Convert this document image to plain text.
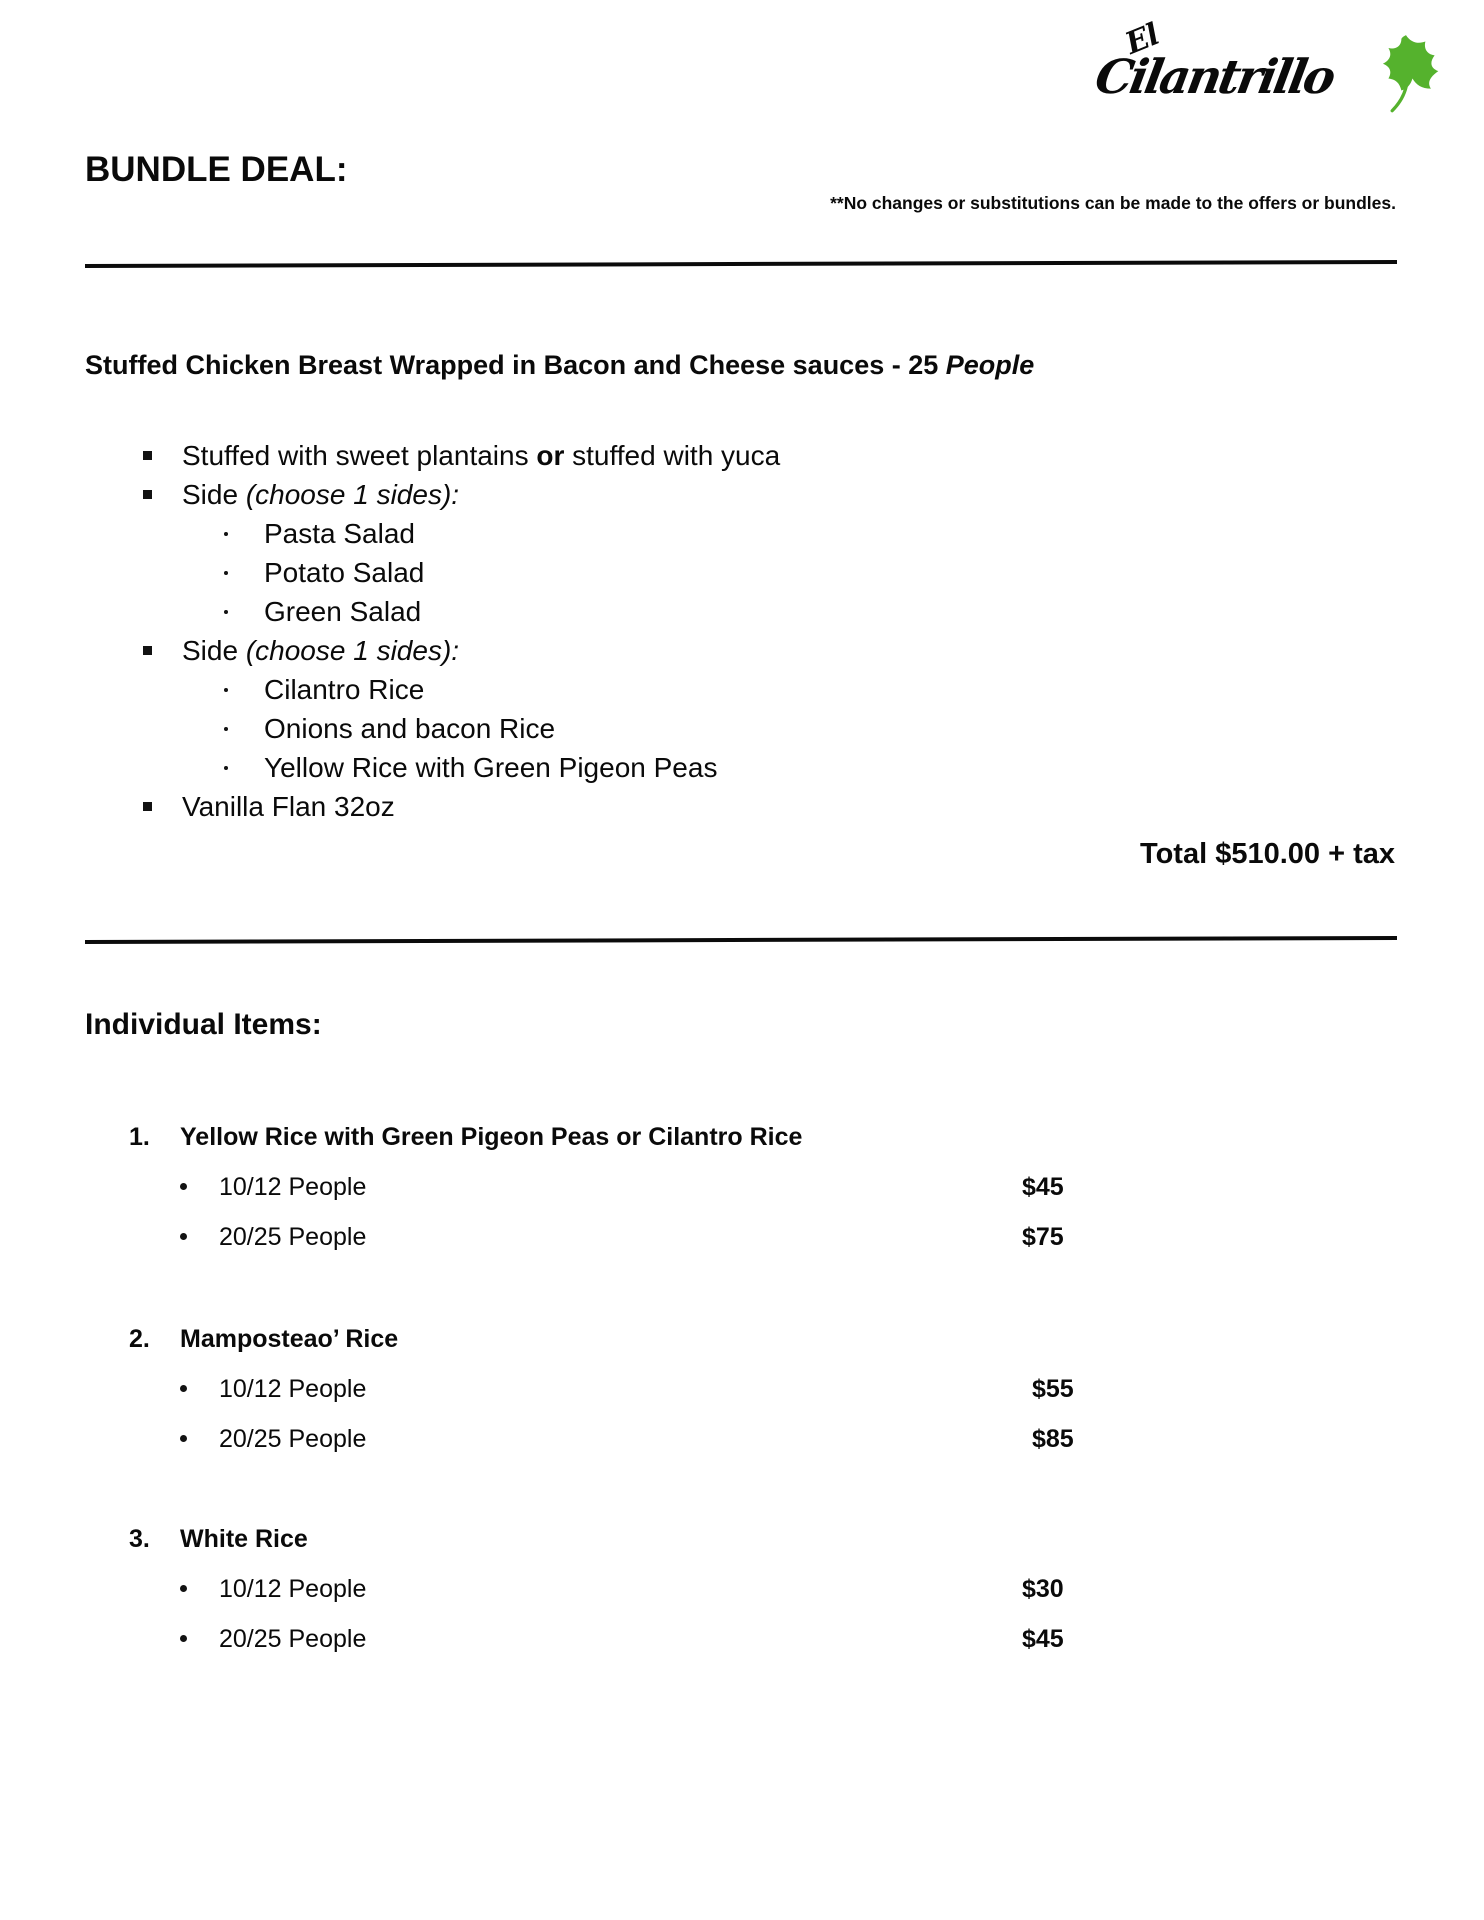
El
Cilantrillo
BUNDLE DEAL:
**No changes or substitutions can be made to the offers or bundles.
Stuffed Chicken Breast Wrapped in Bacon and Cheese sauces - 25 People
Stuffed with sweet plantains or stuffed with yuca
Side (choose 1 sides):
Pasta Salad
Potato Salad
Green Salad
Side (choose 1 sides):
Cilantro Rice
Onions and bacon Rice
Yellow Rice with Green Pigeon Peas
Vanilla Flan 32oz
Total $510.00 + tax
Individual Items:
1. Yellow Rice with Green Pigeon Peas or Cilantro Rice
10/12 People	$45
20/25 People	$75
2. Mamposteao’ Rice
10/12 People	$55
20/25 People	$85
3. White Rice
10/12 People	$30
20/25 People	$45
